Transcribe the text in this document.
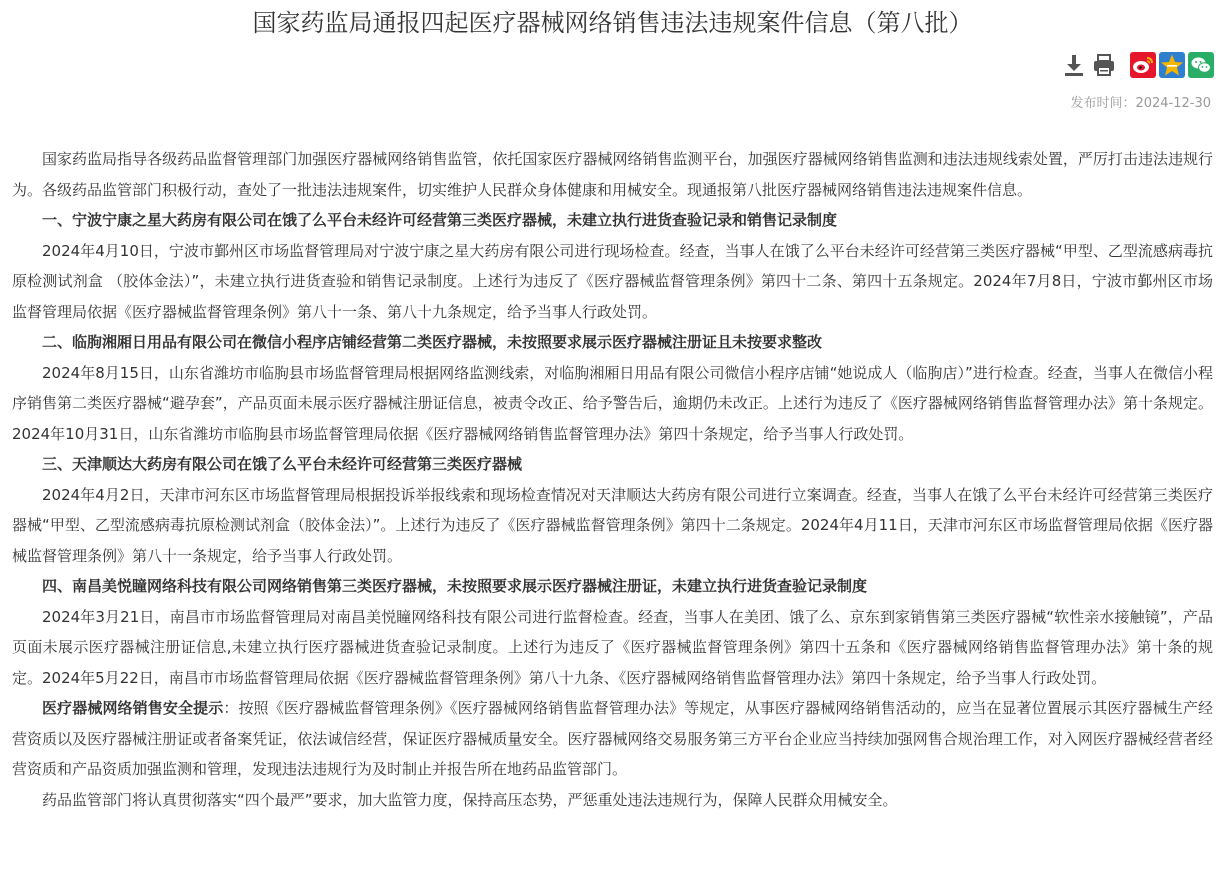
国家药监局通报四起医疗器械网络销售违法违规案件信息（第八批）
发布时间：2024-12-30

国家药监局指导各级药品监督管理部门加强医疗器械网络销售监管，依托国家医疗器械网络销售监测平台，加强医疗器械网络销售监测和违法违规线索处置，严厉打击违法违规行为。各级药品监管部门积极行动，查处了一批违法违规案件，切实维护人民群众身体健康和用械安全。现通报第八批医疗器械网络销售违法违规案件信息。

一、宁波宁康之星大药房有限公司在饿了么平台未经许可经营第三类医疗器械，未建立执行进货查验记录和销售记录制度

2024年4月10日，宁波市鄞州区市场监督管理局对宁波宁康之星大药房有限公司进行现场检查。经查，当事人在饿了么平台未经许可经营第三类医疗器械“甲型、乙型流感病毒抗原检测试剂盒 （胶体金法）”，未建立执行进货查验和销售记录制度。上述行为违反了《医疗器械监督管理条例》第四十二条、第四十五条规定。2024年7月8日，宁波市鄞州区市场监督管理局依据《医疗器械监督管理条例》第八十一条、第八十九条规定，给予当事人行政处罚。

二、临朐湘厢日用品有限公司在微信小程序店铺经营第二类医疗器械，未按照要求展示医疗器械注册证且未按要求整改

2024年8月15日，山东省潍坊市临朐县市场监督管理局根据网络监测线索，对临朐湘厢日用品有限公司微信小程序店铺“她说成人（临朐店）”进行检查。经查，当事人在微信小程序销售第二类医疗器械“避孕套”，产品页面未展示医疗器械注册证信息，被责令改正、给予警告后，逾期仍未改正。上述行为违反了《医疗器械网络销售监督管理办法》第十条规定。2024年10月31日，山东省潍坊市临朐县市场监督管理局依据《医疗器械网络销售监督管理办法》第四十条规定，给予当事人行政处罚。

三、天津顺达大药房有限公司在饿了么平台未经许可经营第三类医疗器械

2024年4月2日，天津市河东区市场监督管理局根据投诉举报线索和现场检查情况对天津顺达大药房有限公司进行立案调查。经查，当事人在饿了么平台未经许可经营第三类医疗器械“甲型、乙型流感病毒抗原检测试剂盒（胶体金法）”。上述行为违反了《医疗器械监督管理条例》第四十二条规定。2024年4月11日，天津市河东区市场监督管理局依据《医疗器械监督管理条例》第八十一条规定，给予当事人行政处罚。

四、南昌美悦瞳网络科技有限公司网络销售第三类医疗器械，未按照要求展示医疗器械注册证，未建立执行进货查验记录制度

2024年3月21日，南昌市市场监督管理局对南昌美悦瞳网络科技有限公司进行监督检查。经查，当事人在美团、饿了么、京东到家销售第三类医疗器械“软性亲水接触镜”，产品页面未展示医疗器械注册证信息,未建立执行医疗器械进货查验记录制度。上述行为违反了《医疗器械监督管理条例》第四十五条和《医疗器械网络销售监督管理办法》第十条的规定。2024年5月22日，南昌市市场监督管理局依据《医疗器械监督管理条例》第八十九条、《医疗器械网络销售监督管理办法》第四十条规定，给予当事人行政处罚。

医疗器械网络销售安全提示：按照《医疗器械监督管理条例》《医疗器械网络销售监督管理办法》等规定，从事医疗器械网络销售活动的，应当在显著位置展示其医疗器械生产经营资质以及医疗器械注册证或者备案凭证，依法诚信经营，保证医疗器械质量安全。医疗器械网络交易服务第三方平台企业应当持续加强网售合规治理工作，对入网医疗器械经营者经营资质和产品资质加强监测和管理，发现违法违规行为及时制止并报告所在地药品监管部门。

药品监管部门将认真贯彻落实“四个最严”要求，加大监管力度，保持高压态势，严惩重处违法违规行为，保障人民群众用械安全。
